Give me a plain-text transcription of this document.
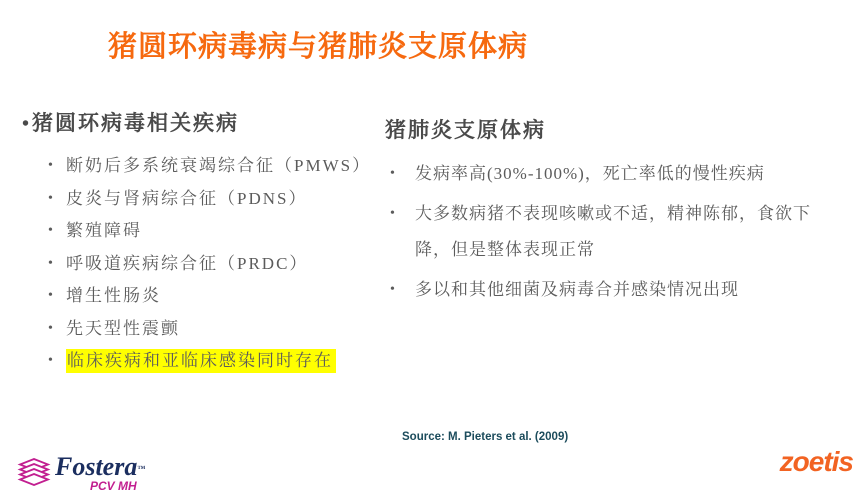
猪圆环病毒病与猪肺炎支原体病
•猪圆环病毒相关疾病
• 断奶后多系统衰竭综合征（PMWS）
• 皮炎与肾病综合征（PDNS）
• 繁殖障碍
• 呼吸道疾病综合征（PRDC）
• 增生性肠炎
• 先天型性震颤
• 临床疾病和亚临床感染同时存在
猪肺炎支原体病
• 发病率高(30%-100%)，死亡率低的慢性疾病
• 大多数病猪不表现咳嗽或不适，精神陈郁，食欲下降，但是整体表现正常
• 多以和其他细菌及病毒合并感染情况出现
Source: M. Pieters et al. (2009)
Fostera™
PCV MH
zoetis
